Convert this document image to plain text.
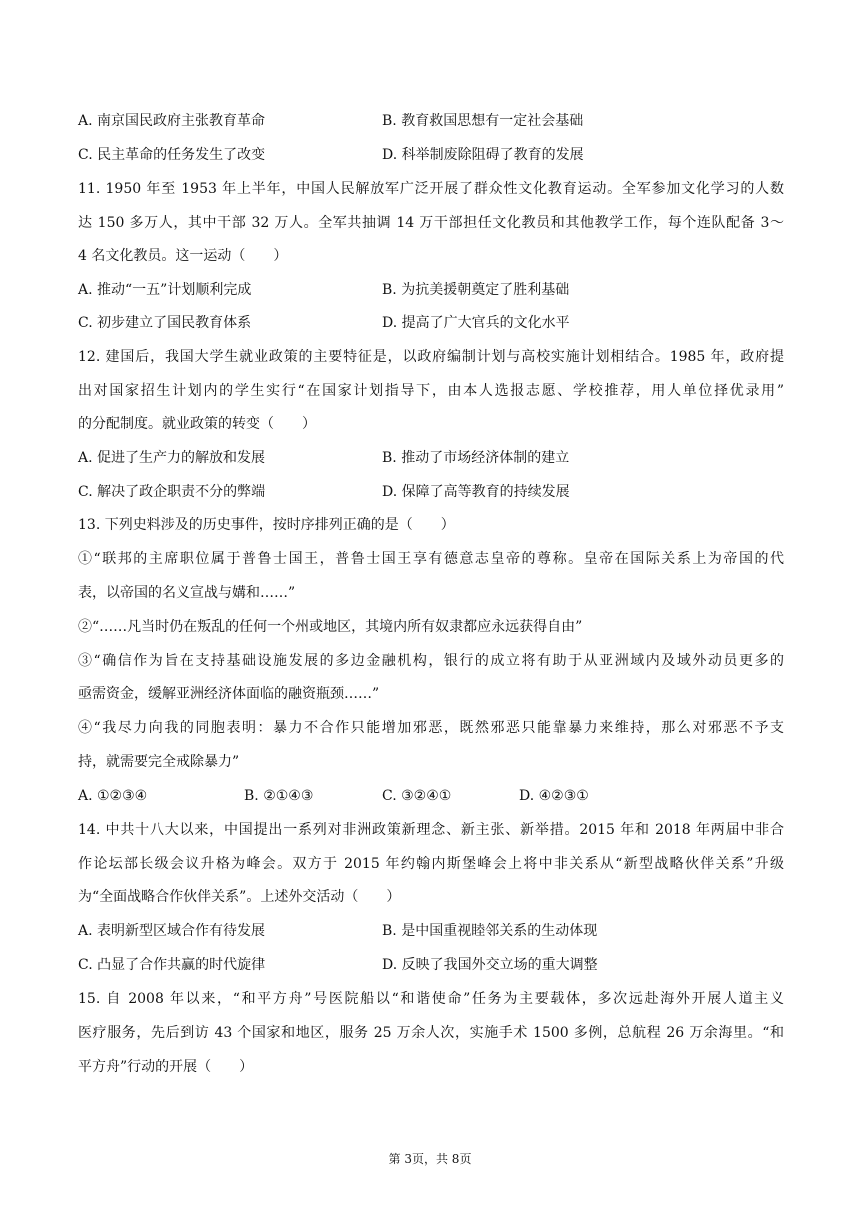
A. 南京国民政府主张教育革命	B. 教育救国思想有一定社会基础
C. 民主革命的任务发生了改变	D. 科举制废除阻碍了教育的发展
11. 1950 年至 1953 年上半年，中国人民解放军广泛开展了群众性文化教育运动。全军参加文化学习的人数
达 150 多万人，其中干部 32 万人。全军共抽调 14 万干部担任文化教员和其他教学工作，每个连队配备 3～
4 名文化教员。这一运动（　　）
A. 推动“一五”计划顺利完成	B. 为抗美援朝奠定了胜利基础
C. 初步建立了国民教育体系	D. 提高了广大官兵的文化水平
12. 建国后，我国大学生就业政策的主要特征是，以政府编制计划与高校实施计划相结合。1985 年，政府提
出对国家招生计划内的学生实行“在国家计划指导下，由本人选报志愿、学校推荐，用人单位择优录用”
的分配制度。就业政策的转变（　　）
A. 促进了生产力的解放和发展	B. 推动了市场经济体制的建立
C. 解决了政企职责不分的弊端	D. 保障了高等教育的持续发展
13. 下列史料涉及的历史事件，按时序排列正确的是（　　）
①“联邦的主席职位属于普鲁士国王，普鲁士国王享有德意志皇帝的尊称。皇帝在国际关系上为帝国的代
表，以帝国的名义宣战与媾和……”
②“……凡当时仍在叛乱的任何一个州或地区，其境内所有奴隶都应永远获得自由”
③“确信作为旨在支持基础设施发展的多边金融机构，银行的成立将有助于从亚洲域内及域外动员更多的
亟需资金，缓解亚洲经济体面临的融资瓶颈……”
④“我尽力向我的同胞表明：暴力不合作只能增加邪恶，既然邪恶只能靠暴力来维持，那么对邪恶不予支
持，就需要完全戒除暴力”
A. ①②③④	B. ②①④③	C. ③②④①	D. ④②③①
14. 中共十八大以来，中国提出一系列对非洲政策新理念、新主张、新举措。2015 年和 2018 年两届中非合
作论坛部长级会议升格为峰会。双方于 2015 年约翰内斯堡峰会上将中非关系从“新型战略伙伴关系”升级
为“全面战略合作伙伴关系”。上述外交活动（　　）
A. 表明新型区域合作有待发展	B. 是中国重视睦邻关系的生动体现
C. 凸显了合作共赢的时代旋律	D. 反映了我国外交立场的重大调整
15. 自 2008 年以来，“和平方舟”号医院船以“和谐使命”任务为主要载体，多次远赴海外开展人道主义
医疗服务，先后到访 43 个国家和地区，服务 25 万余人次，实施手术 1500 多例，总航程 26 万余海里。“和
平方舟”行动的开展（　　）
第 3页，共 8页
